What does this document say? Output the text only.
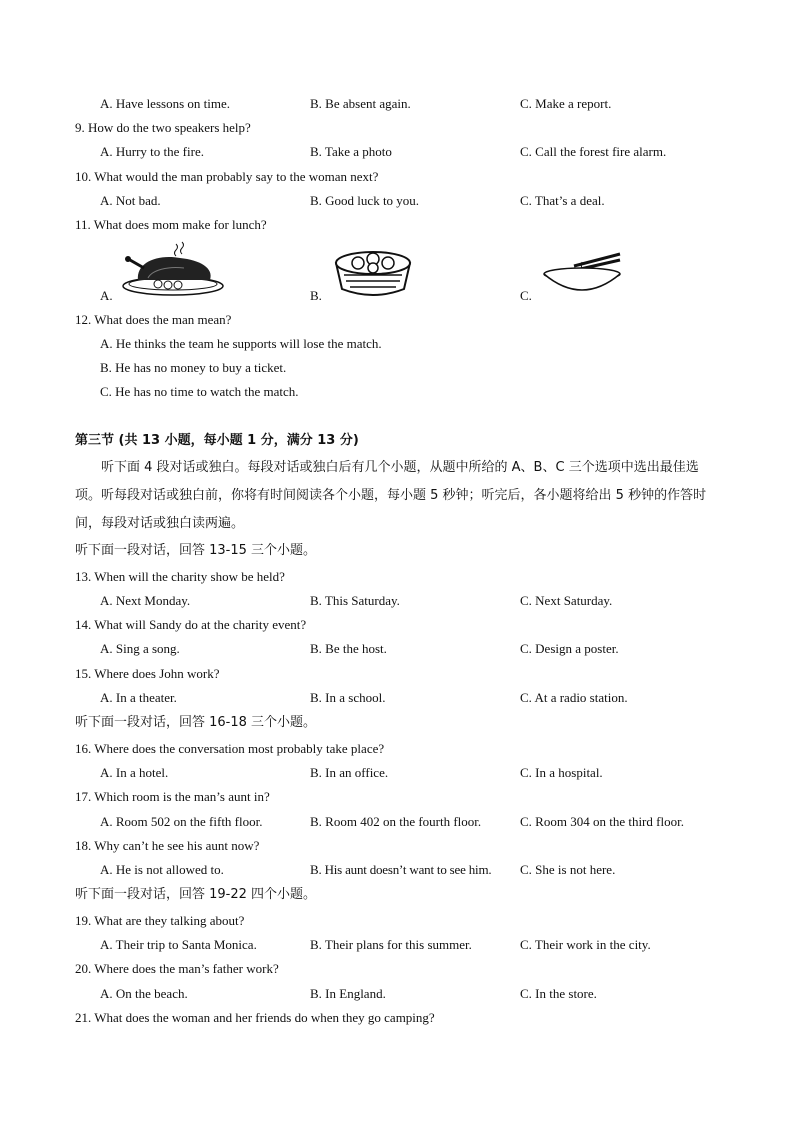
A. Have lessons on time.	B. Be absent again.	C. Make a report.
9. How do the two speakers help?
A. Hurry to the fire.	B. Take a photo	C. Call the forest fire alarm.
10. What would the man probably say to the woman next?
A. Not bad.	B. Good luck to you.	C. That’s a deal.
11. What does mom make for lunch?
A.	B.	C.
12. What does the man mean?
A. He thinks the team he supports will lose the match.
B. He has no money to buy a ticket.
C. He has no time to watch the match.
第三节 (共 13 小题，每小题 1 分，满分 13 分)
听下面 4 段对话或独白。每段对话或独白后有几个小题，从题中所给的 A、B、C 三个选项中选出最佳选项。听每段对话或独白前，你将有时间阅读各个小题，每小题 5 秒钟；听完后，各小题将给出 5 秒钟的作答时间，每段对话或独白读两遍。
听下面一段对话，回答 13-15 三个小题。
13. When will the charity show be held?
A. Next Monday.	B. This Saturday.	C. Next Saturday.
14. What will Sandy do at the charity event?
A. Sing a song.	B. Be the host.	C. Design a poster.
15. Where does John work?
A. In a theater.	B. In a school.	C. At a radio station.
听下面一段对话，回答 16-18 三个小题。
16. Where does the conversation most probably take place?
A. In a hotel.	B. In an office.	C. In a hospital.
17. Which room is the man’s aunt in?
A. Room 502 on the fifth floor.	B. Room 402 on the fourth floor.	C. Room 304 on the third floor.
18. Why can’t he see his aunt now?
A. He is not allowed to.	B. His aunt doesn’t want to see him. C. She is not here.
听下面一段对话，回答 19-22 四个小题。
19. What are they talking about?
A. Their trip to Santa Monica.	B. Their plans for this summer.	C. Their work in the city.
20. Where does the man’s father work?
A. On the beach.	B. In England.	C. In the store.
21. What does the woman and her friends do when they go camping?
